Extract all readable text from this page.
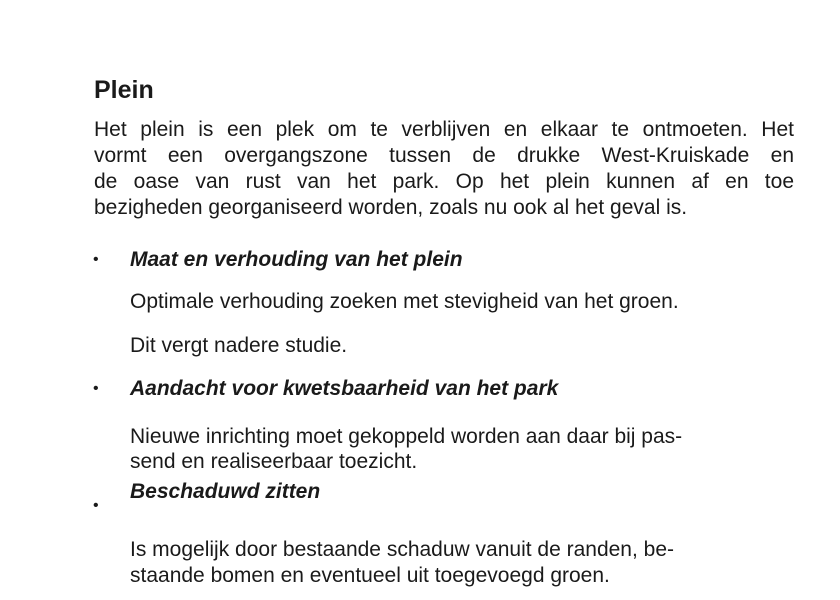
Plein

Het plein is een plek om te verblijven en elkaar te ontmoeten. Het
vormt een overgangszone tussen de drukke West-Kruiskade en
de oase van rust van het park. Op het plein kunnen af en toe
bezigheden georganiseerd worden, zoals nu ook al het geval is.

• Maat en verhouding van het plein

Optimale verhouding zoeken met stevigheid van het groen.

Dit vergt nadere studie.

• Aandacht voor kwetsbaarheid van het park

Nieuwe inrichting moet gekoppeld worden aan daar bij pas-

send en realiseerbaar toezicht.

•

Beschaduwd zitten

Is mogelijk door bestaande schaduw vanuit de randen, be-

staande bomen en eventueel uit toegevoegd groen.
